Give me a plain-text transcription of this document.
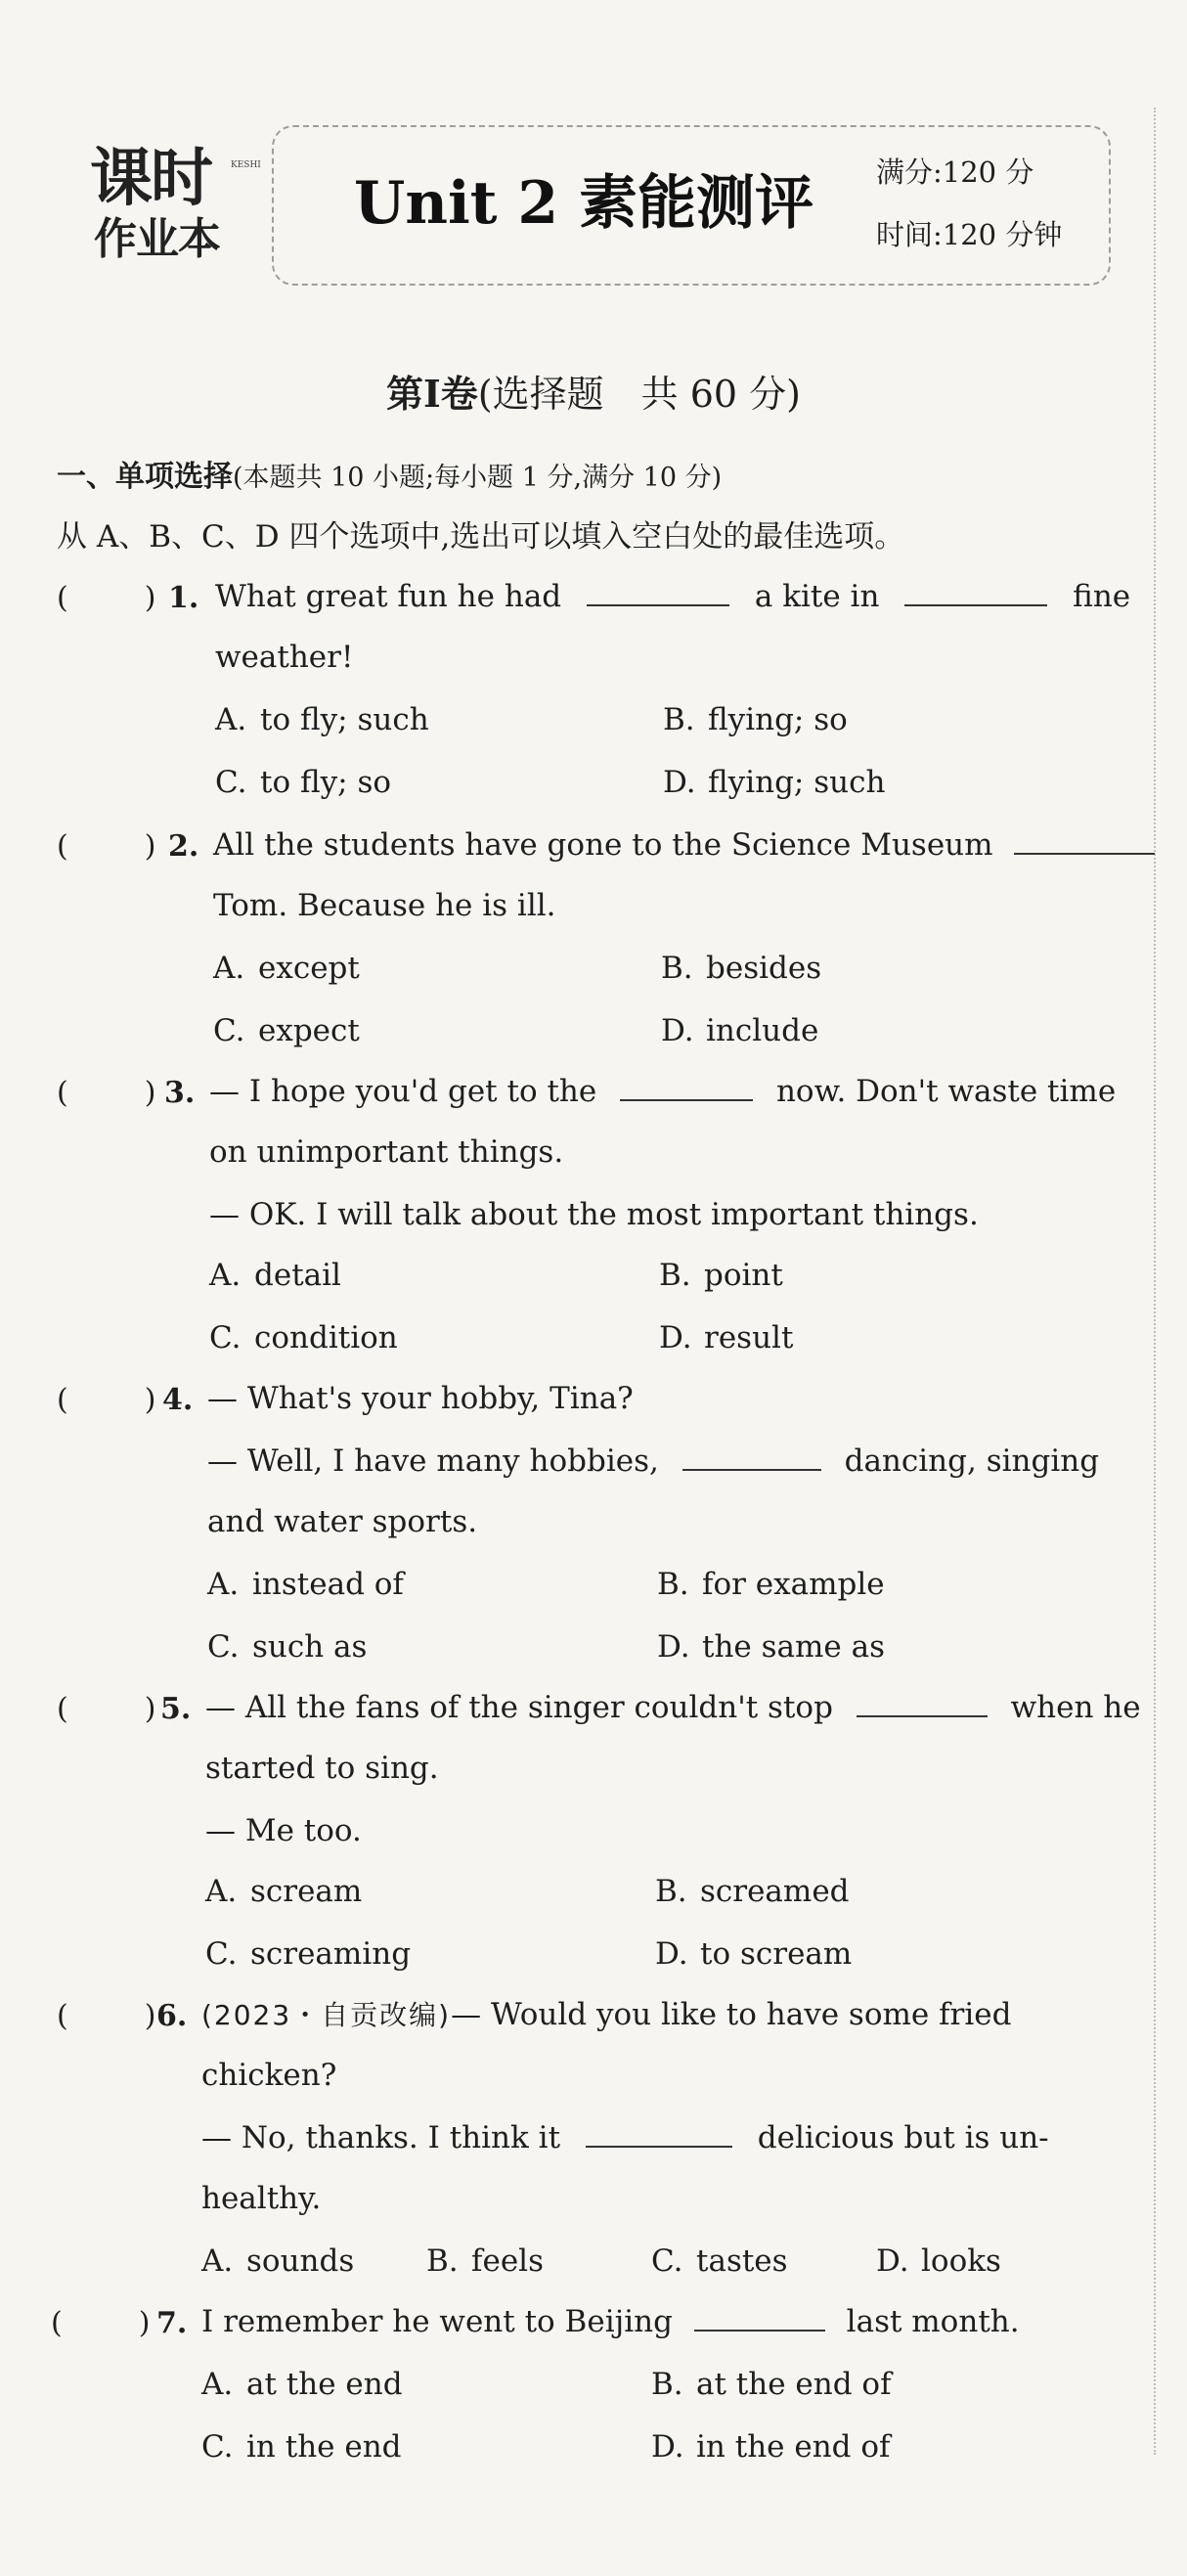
课时 KESHI
作业本
Unit 2 素能测评 满分:120 分
时间:120 分钟
第Ⅰ卷(选择题　共 60 分)
一、单项选择(本题共 10 小题;每小题 1 分,满分 10 分)
从 A、B、C、D 四个选项中,选出可以填入空白处的最佳选项。
(	) 1. What great fun he had	a kite in	fine
weather!
A. to fly; such	B. flying; so
C. to fly; so	D. flying; such
(	) 2. All the students have gone to the Science Museum
Tom. Because he is ill.
A. except	B. besides
C. expect	D. include
(	) 3. — I hope you'd get to the	now. Don't waste time
on unimportant things.
— OK. I will talk about the most important things.
A. detail	B. point
C. condition	D. result
(	) 4. — What's your hobby, Tina?
— Well, I have many hobbies,	dancing, singing
and water sports.
A. instead of	B. for example
C. such as	D. the same as
(	) 5. — All the fans of the singer couldn't stop	when he
started to sing.
— Me too.
A. scream	B. screamed
C. screaming	D. to scream
(	) 6. (2023・自贡改编)— Would you like to have some fried
chicken?
— No, thanks. I think it	delicious but is un-
healthy.
A. sounds B. feels	C. tastes	D. looks
(	) 7. I remember he went to Beijing	last month.
A. at the end	B. at the end of
C. in the end	D. in the end of
